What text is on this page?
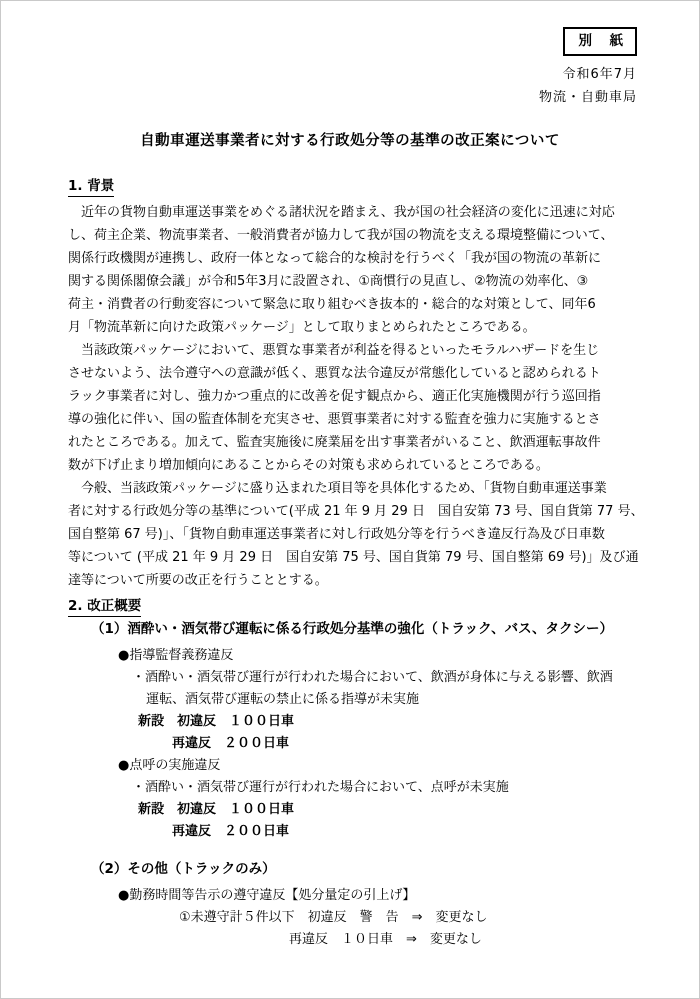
別　紙
令和6年7月
物流・自動車局
自動車運送事業者に対する行政処分等の基準の改正案について
1. 背景
　近年の貨物自動車運送事業をめぐる諸状況を踏まえ、我が国の社会経済の変化に迅速に対応
し、荷主企業、物流事業者、一般消費者が協力して我が国の物流を支える環境整備について、
関係行政機関が連携し、政府一体となって総合的な検討を行うべく「我が国の物流の革新に
関する関係閣僚会議」が令和5年3月に設置され、①商慣行の見直し、②物流の効率化、③
荷主・消費者の行動変容について緊急に取り組むべき抜本的・総合的な対策として、同年6
月「物流革新に向けた政策パッケージ」として取りまとめられたところである。
　当該政策パッケージにおいて、悪質な事業者が利益を得るといったモラルハザードを生じ
させないよう、法令遵守への意識が低く、悪質な法令違反が常態化していると認められるト
ラック事業者に対し、強力かつ重点的に改善を促す観点から、適正化実施機関が行う巡回指
導の強化に伴い、国の監査体制を充実させ、悪質事業者に対する監査を強力に実施するとさ
れたところである。加えて、監査実施後に廃業届を出す事業者がいること、飲酒運転事故件
数が下げ止まり増加傾向にあることからその対策も求められているところである。
　今般、当該政策パッケージに盛り込まれた項目等を具体化するため、「貨物自動車運送事業
者に対する行政処分等の基準について(平成 21 年 9 月 29 日　国自安第 73 号、国自貨第 77 号、
国自整第 67 号)」、「貨物自動車運送事業者に対し行政処分等を行うべき違反行為及び日車数
等について (平成 21 年 9 月 29 日　国自安第 75 号、国自貨第 79 号、国自整第 69 号)」及び通
達等について所要の改正を行うこととする。
2. 改正概要
（1）酒酔い・酒気帯び運転に係る行政処分基準の強化（トラック、バス、タクシー）
●指導監督義務違反
・酒酔い・酒気帯び運行が行われた場合において、飲酒が身体に与える影響、飲酒
運転、酒気帯び運転の禁止に係る指導が未実施
新設　初違反　１００日車
再違反　２００日車
●点呼の実施違反
・酒酔い・酒気帯び運行が行われた場合において、点呼が未実施
新設　初違反　１００日車
再違反　２００日車
（2）その他（トラックのみ）
●勤務時間等告示の遵守違反【処分量定の引上げ】
①未遵守計５件以下　初違反　警　告　⇒　変更なし
再違反　１０日車　⇒　変更なし
